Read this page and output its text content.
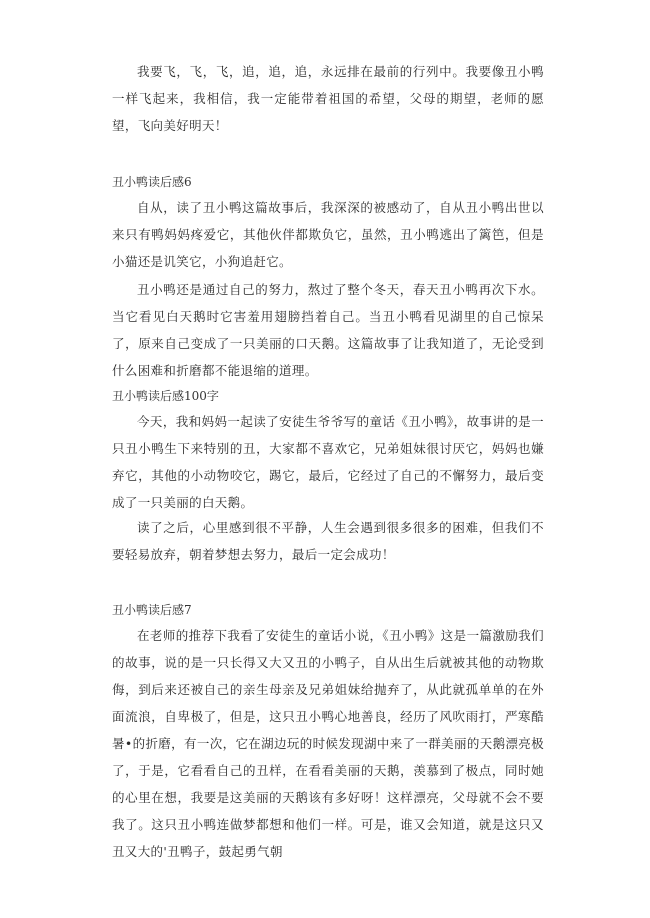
我要飞，飞，飞，追，追，追，永远排在最前的行列中。我要像丑小鸭一样飞起来，我相信，我一定能带着祖国的希望，父母的期望，老师的愿望，飞向美好明天！
丑小鸭读后感6
自从，读了丑小鸭这篇故事后，我深深的被感动了，自从丑小鸭出世以来只有鸭妈妈疼爱它，其他伙伴都欺负它，虽然，丑小鸭逃出了篱笆，但是小猫还是讥笑它，小狗追赶它。
丑小鸭还是通过自己的努力，熬过了整个冬天，春天丑小鸭再次下水。当它看见白天鹅时它害羞用翅膀挡着自己。当丑小鸭看见湖里的自己惊呆了，原来自己变成了一只美丽的口天鹅。这篇故事了让我知道了，无论受到什么困难和折磨都不能退缩的道理。
丑小鸭读后感100字
今天，我和妈妈一起读了安徒生爷爷写的童话《丑小鸭》，故事讲的是一只丑小鸭生下来特别的丑，大家都不喜欢它，兄弟姐妹很讨厌它，妈妈也嫌弃它，其他的小动物咬它，踢它，最后，它经过了自己的不懈努力，最后变成了一只美丽的白天鹅。
读了之后，心里感到很不平静，人生会遇到很多很多的困难，但我们不要轻易放弃，朝着梦想去努力，最后一定会成功！
丑小鸭读后感7
在老师的推荐下我看了安徒生的童话小说，《丑小鸭》这是一篇激励我们的故事，说的是一只长得又大又丑的小鸭子，自从出生后就被其他的动物欺侮，到后来还被自己的亲生母亲及兄弟姐妹给抛弃了，从此就孤单单的在外面流浪，自卑极了，但是，这只丑小鸭心地善良，经历了风吹雨打，严寒酷暑•的折磨，有一次，它在湖边玩的时候发现湖中来了一群美丽的天鹅漂亮极了，于是，它看看自己的丑样，在看看美丽的天鹅，羡慕到了极点，同时她的心里在想，我要是这美丽的天鹅该有多好呀！这样漂亮，父母就不会不要我了。这只丑小鸭连做梦都想和他们一样。可是，谁又会知道，就是这只又丑又大的'丑鸭子，鼓起勇气朝
